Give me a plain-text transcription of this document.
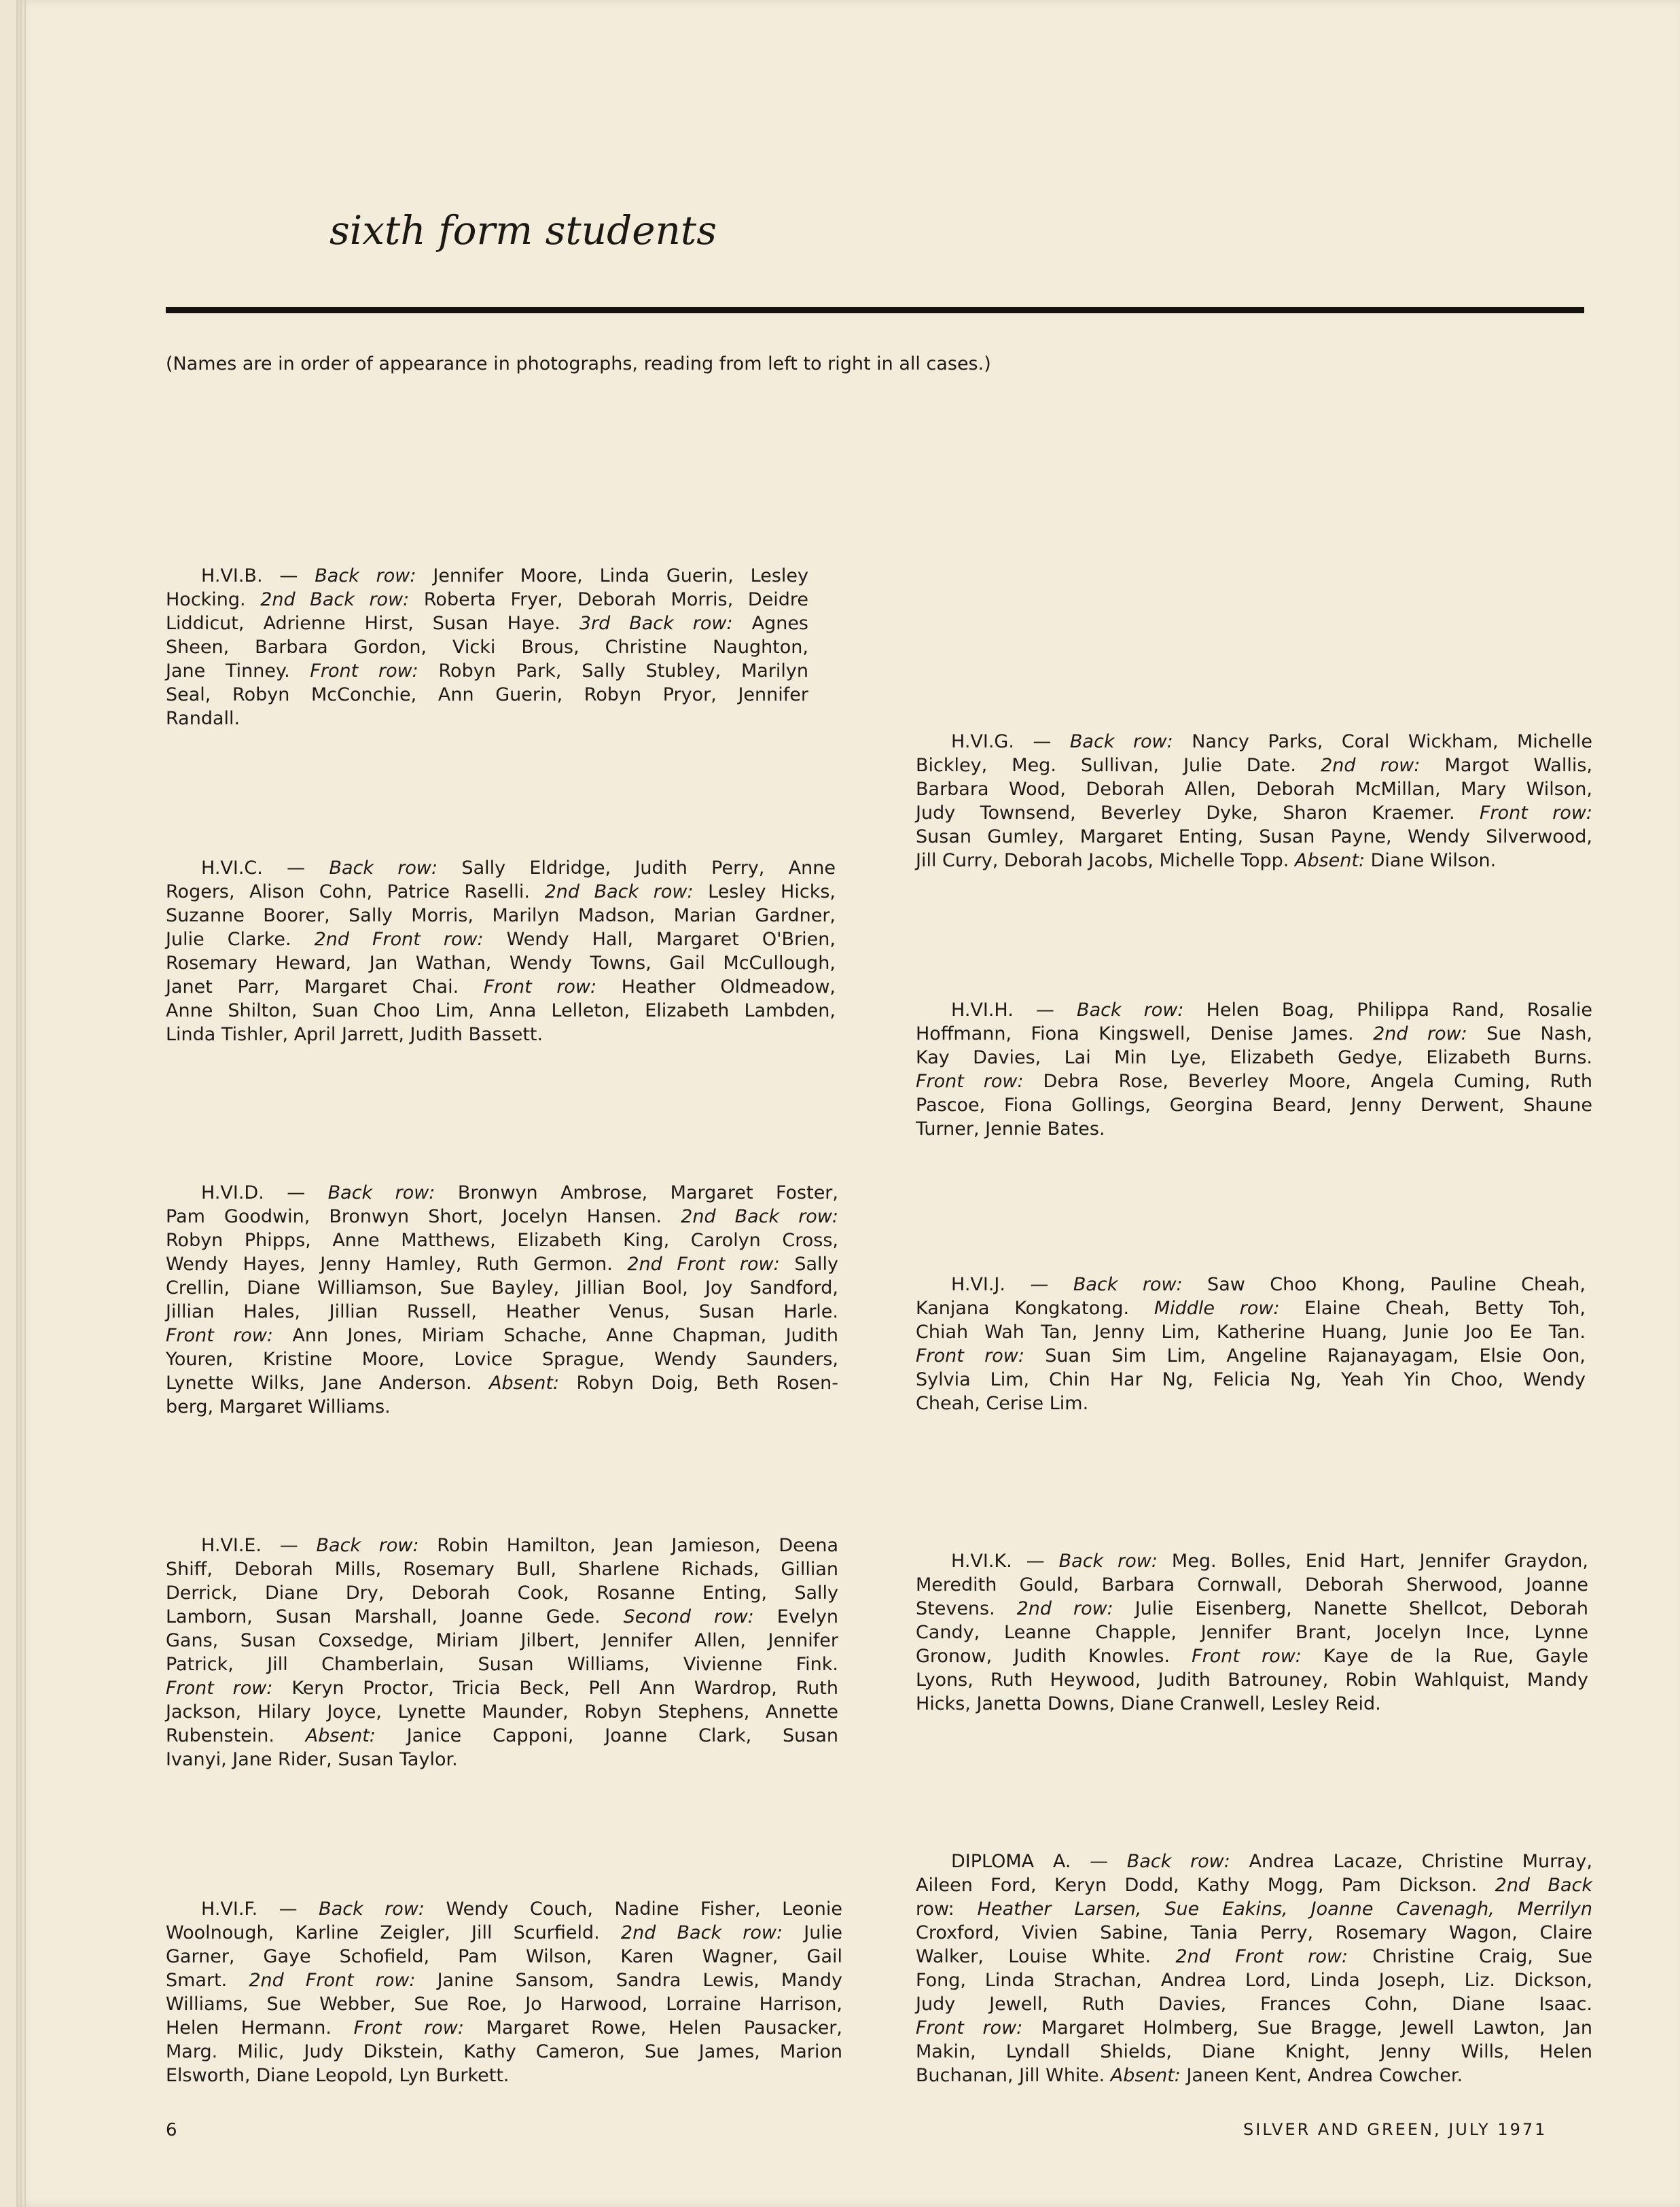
sixth form students
(Names are in order of appearance in photographs, reading from left to right in all cases.)
H.VI.B. — Back row: Jennifer Moore, Linda Guerin, Lesley
Hocking. 2nd Back row: Roberta Fryer, Deborah Morris, Deidre
Liddicut, Adrienne Hirst, Susan Haye. 3rd Back row: Agnes
Sheen, Barbara Gordon, Vicki Brous, Christine Naughton,
Jane Tinney. Front row: Robyn Park, Sally Stubley, Marilyn
Seal, Robyn McConchie, Ann Guerin, Robyn Pryor, Jennifer
Randall.
H.VI.C. — Back row: Sally Eldridge, Judith Perry, Anne
Rogers, Alison Cohn, Patrice Raselli. 2nd Back row: Lesley Hicks,
Suzanne Boorer, Sally Morris, Marilyn Madson, Marian Gardner,
Julie Clarke. 2nd Front row: Wendy Hall, Margaret O'Brien,
Rosemary Heward, Jan Wathan, Wendy Towns, Gail McCullough,
Janet Parr, Margaret Chai. Front row: Heather Oldmeadow,
Anne Shilton, Suan Choo Lim, Anna Lelleton, Elizabeth Lambden,
Linda Tishler, April Jarrett, Judith Bassett.
H.VI.D. — Back row: Bronwyn Ambrose, Margaret Foster,
Pam Goodwin, Bronwyn Short, Jocelyn Hansen. 2nd Back row:
Robyn Phipps, Anne Matthews, Elizabeth King, Carolyn Cross,
Wendy Hayes, Jenny Hamley, Ruth Germon. 2nd Front row: Sally
Crellin, Diane Williamson, Sue Bayley, Jillian Bool, Joy Sandford,
Jillian Hales, Jillian Russell, Heather Venus, Susan Harle.
Front row: Ann Jones, Miriam Schache, Anne Chapman, Judith
Youren, Kristine Moore, Lovice Sprague, Wendy Saunders,
Lynette Wilks, Jane Anderson. Absent: Robyn Doig, Beth Rosen-
berg, Margaret Williams.
H.VI.E. — Back row: Robin Hamilton, Jean Jamieson, Deena
Shiff, Deborah Mills, Rosemary Bull, Sharlene Richads, Gillian
Derrick, Diane Dry, Deborah Cook, Rosanne Enting, Sally
Lamborn, Susan Marshall, Joanne Gede. Second row: Evelyn
Gans, Susan Coxsedge, Miriam Jilbert, Jennifer Allen, Jennifer
Patrick, Jill Chamberlain, Susan Williams, Vivienne Fink.
Front row: Keryn Proctor, Tricia Beck, Pell Ann Wardrop, Ruth
Jackson, Hilary Joyce, Lynette Maunder, Robyn Stephens, Annette
Rubenstein. Absent: Janice Capponi, Joanne Clark, Susan
Ivanyi, Jane Rider, Susan Taylor.
H.VI.F. — Back row: Wendy Couch, Nadine Fisher, Leonie
Woolnough, Karline Zeigler, Jill Scurfield. 2nd Back row: Julie
Garner, Gaye Schofield, Pam Wilson, Karen Wagner, Gail
Smart. 2nd Front row: Janine Sansom, Sandra Lewis, Mandy
Williams, Sue Webber, Sue Roe, Jo Harwood, Lorraine Harrison,
Helen Hermann. Front row: Margaret Rowe, Helen Pausacker,
Marg. Milic, Judy Dikstein, Kathy Cameron, Sue James, Marion
Elsworth, Diane Leopold, Lyn Burkett.
H.VI.G. — Back row: Nancy Parks, Coral Wickham, Michelle
Bickley, Meg. Sullivan, Julie Date. 2nd row: Margot Wallis,
Barbara Wood, Deborah Allen, Deborah McMillan, Mary Wilson,
Judy Townsend, Beverley Dyke, Sharon Kraemer. Front row:
Susan Gumley, Margaret Enting, Susan Payne, Wendy Silverwood,
Jill Curry, Deborah Jacobs, Michelle Topp. Absent: Diane Wilson.
H.VI.H. — Back row: Helen Boag, Philippa Rand, Rosalie
Hoffmann, Fiona Kingswell, Denise James. 2nd row: Sue Nash,
Kay Davies, Lai Min Lye, Elizabeth Gedye, Elizabeth Burns.
Front row: Debra Rose, Beverley Moore, Angela Cuming, Ruth
Pascoe, Fiona Gollings, Georgina Beard, Jenny Derwent, Shaune
Turner, Jennie Bates.
H.VI.J. — Back row: Saw Choo Khong, Pauline Cheah,
Kanjana Kongkatong. Middle row: Elaine Cheah, Betty Toh,
Chiah Wah Tan, Jenny Lim, Katherine Huang, Junie Joo Ee Tan.
Front row: Suan Sim Lim, Angeline Rajanayagam, Elsie Oon,
Sylvia Lim, Chin Har Ng, Felicia Ng, Yeah Yin Choo, Wendy
Cheah, Cerise Lim.
H.VI.K. — Back row: Meg. Bolles, Enid Hart, Jennifer Graydon,
Meredith Gould, Barbara Cornwall, Deborah Sherwood, Joanne
Stevens. 2nd row: Julie Eisenberg, Nanette Shellcot, Deborah
Candy, Leanne Chapple, Jennifer Brant, Jocelyn Ince, Lynne
Gronow, Judith Knowles. Front row: Kaye de la Rue, Gayle
Lyons, Ruth Heywood, Judith Batrouney, Robin Wahlquist, Mandy
Hicks, Janetta Downs, Diane Cranwell, Lesley Reid.
DIPLOMA A. — Back row: Andrea Lacaze, Christine Murray,
Aileen Ford, Keryn Dodd, Kathy Mogg, Pam Dickson. 2nd Back
row: Heather Larsen, Sue Eakins, Joanne Cavenagh, Merrilyn
Croxford, Vivien Sabine, Tania Perry, Rosemary Wagon, Claire
Walker, Louise White. 2nd Front row: Christine Craig, Sue
Fong, Linda Strachan, Andrea Lord, Linda Joseph, Liz. Dickson,
Judy Jewell, Ruth Davies, Frances Cohn, Diane Isaac.
Front row: Margaret Holmberg, Sue Bragge, Jewell Lawton, Jan
Makin, Lyndall Shields, Diane Knight, Jenny Wills, Helen
Buchanan, Jill White. Absent: Janeen Kent, Andrea Cowcher.
6	SILVER AND GREEN, JULY 1971
